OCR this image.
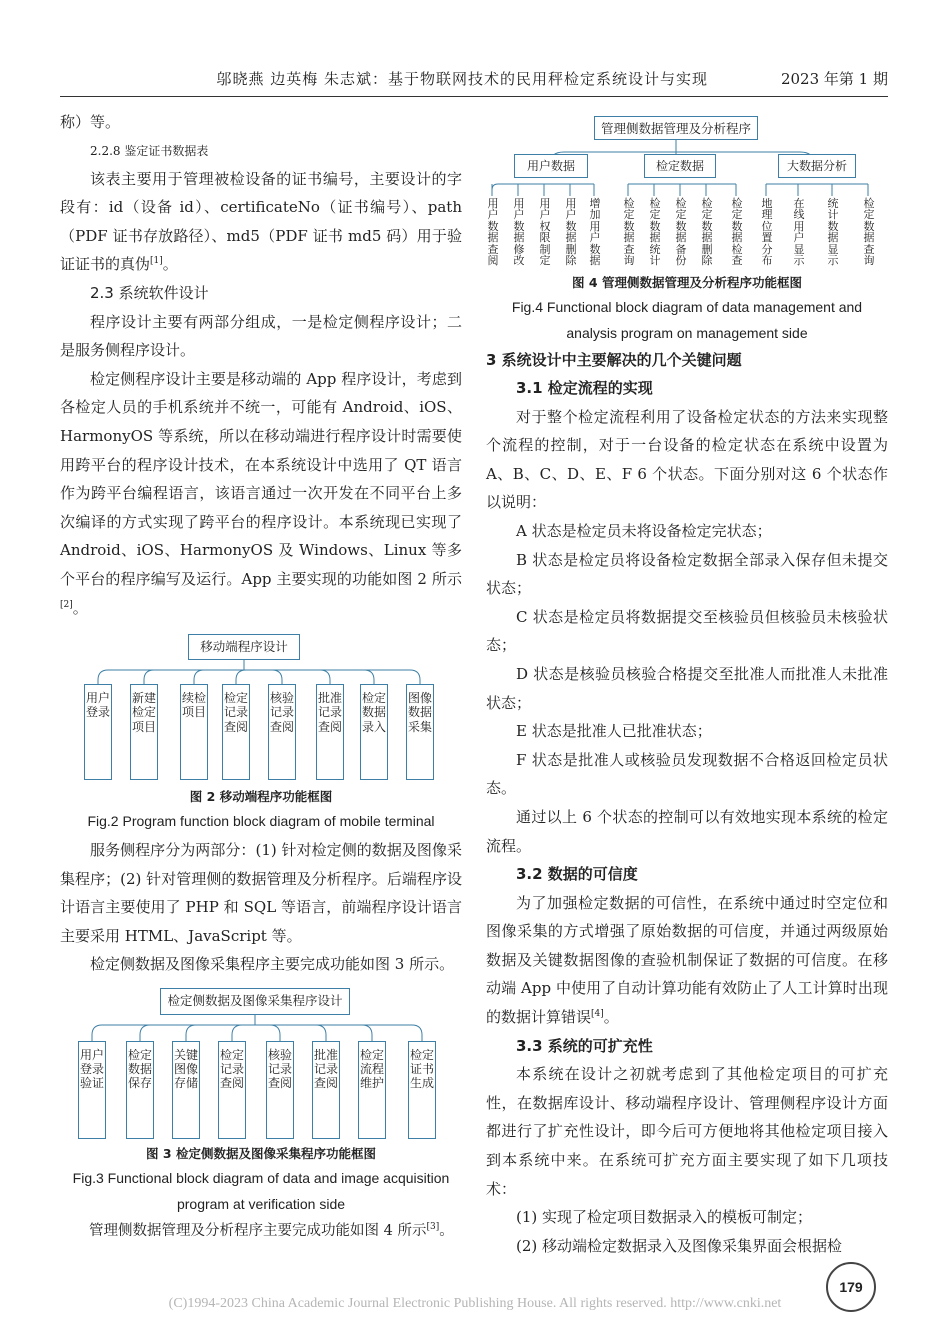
邬晓燕 边英梅 朱志斌：基于物联网技术的民用秤检定系统设计与实现	2023 年第 1 期

称）等。

2.2.8 鉴定证书数据表

该表主要用于管理被检设备的证书编号，主要设计的字段有：id（设备 id）、certificateNo（证书编号）、path（PDF 证书存放路径）、md5（PDF 证书 md5 码）用于验证证书的真伪[1]。

2.3 系统软件设计

程序设计主要有两部分组成，一是检定侧程序设计；二是服务侧程序设计。

检定侧程序设计主要是移动端的 App 程序设计，考虑到各检定人员的手机系统并不统一，可能有 Android、iOS、HarmonyOS 等系统，所以在移动端进行程序设计时需要使用跨平台的程序设计技术，在本系统设计中选用了 QT 语言作为跨平台编程语言，该语言通过一次开发在不同平台上多次编译的方式实现了跨平台的程序设计。本系统现已实现了 Android、iOS、HarmonyOS 及 Windows、Linux 等多个平台的程序编写及运行。App 主要实现的功能如图 2 所示[2]。

移动端程序设计
用户登录
新建检定项目
续检项目
检定记录查阅
核验记录查阅
批准记录查阅
检定数据录入
图像数据采集
图 2 移动端程序功能框图
Fig.2 Program function block diagram of mobile terminal

服务侧程序分为两部分：(1) 针对检定侧的数据及图像采集程序；(2) 针对管理侧的数据管理及分析程序。后端程序设计语言主要使用了 PHP 和 SQL 等语言，前端程序设计语言主要采用 HTML、JavaScript 等。

检定侧数据及图像采集程序主要完成功能如图 3 所示。

检定侧数据及图像采集程序设计
用户登录验证
检定数据保存
关键图像存储
检定记录查阅
核验记录查阅
批准记录查阅
检定流程维护
检定证书生成
图 3 检定侧数据及图像采集程序功能框图
Fig.3 Functional block diagram of data and image acquisition
program at verification side

管理侧数据管理及分析程序主要完成功能如图 4 所示[3]。

管理侧数据管理及分析程序
用户数据	检定数据	大数据分析
用户数据查阅
用户数据修改
用户权限制定
用户数据删除
增加用户数据
检定数据查询
检定数据统计
检定数据备份
检定数据删除
检定数据检查
地理位置分布
在线用户显示
统计数据显示
检定数据查询
图 4 管理侧数据管理及分析程序功能框图
Fig.4 Functional block diagram of data management and
analysis program on management side
3 系统设计中主要解决的几个关键问题
3.1 检定流程的实现

对于整个检定流程利用了设备检定状态的方法来实现整个流程的控制，对于一台设备的检定状态在系统中设置为 A、B、C、D、E、F 6 个状态。下面分别对这 6 个状态作以说明：

A 状态是检定员未将设备检定完状态；

B 状态是检定员将设备检定数据全部录入保存但未提交状态；

C 状态是检定员将数据提交至核验员但核验员未核验状态；

D 状态是核验员核验合格提交至批准人而批准人未批准状态；

E 状态是批准人已批准状态；

F 状态是批准人或核验员发现数据不合格返回检定员状态。

通过以上 6 个状态的控制可以有效地实现本系统的检定流程。

3.2 数据的可信度

为了加强检定数据的可信性，在系统中通过时空定位和图像采集的方式增强了原始数据的可信度，并通过两级原始数据及关键数据图像的查验机制保证了数据的可信度。在移动端 App 中使用了自动计算功能有效防止了人工计算时出现的数据计算错误[4]。

3.3 系统的可扩充性

本系统在设计之初就考虑到了其他检定项目的可扩充性，在数据库设计、移动端程序设计、管理侧程序设计方面都进行了扩充性设计，即今后可方便地将其他检定项目接入到本系统中来。在系统可扩充方面主要实现了如下几项技术：

(1) 实现了检定项目数据录入的模板可制定；

(2) 移动端检定数据录入及图像采集界面会根据检

179
(C)1994-2023 China Academic Journal Electronic Publishing House. All rights reserved. http://www.cnki.net
